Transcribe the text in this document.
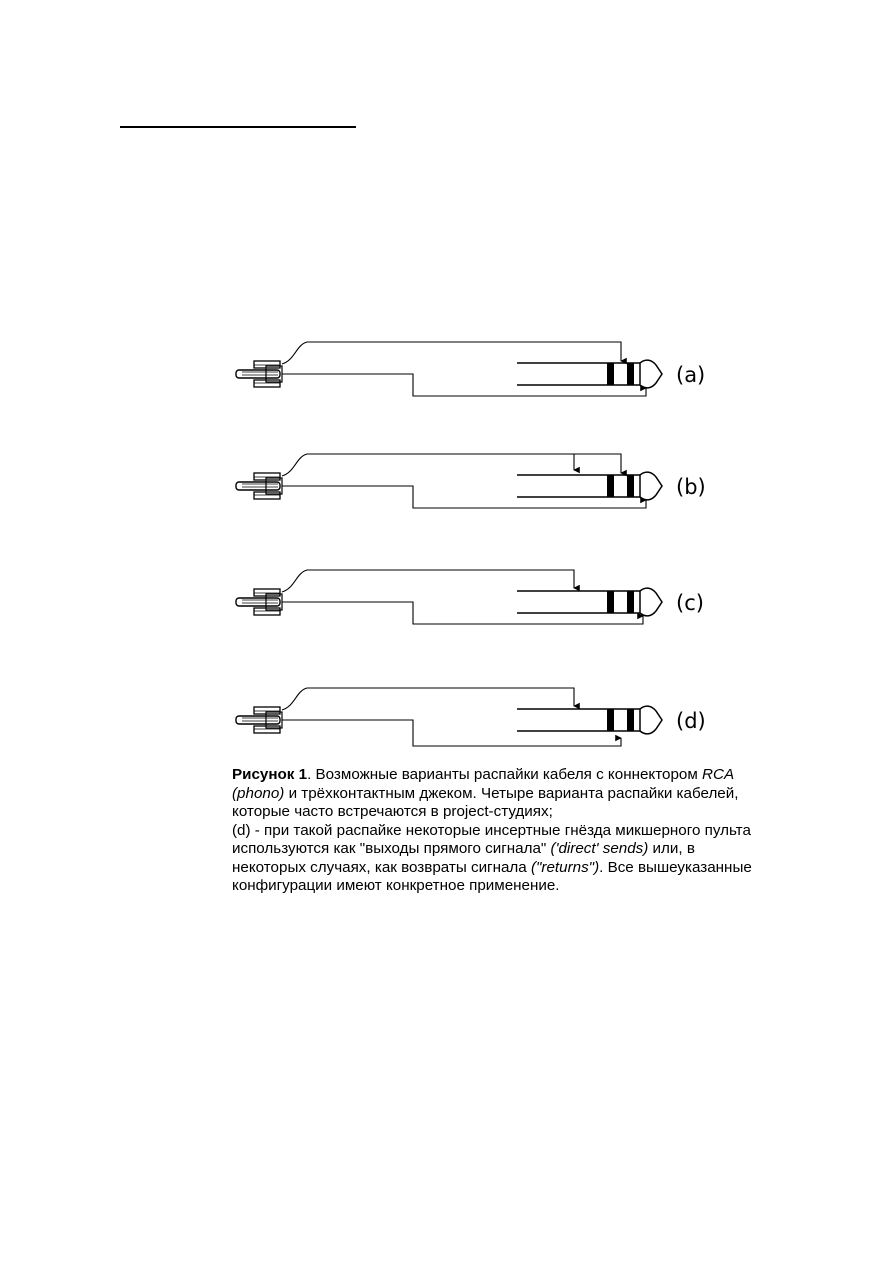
(a)
(b)
(c)
(d)

Рисунок 1. Возможные варианты распайки кабеля с коннектором RCA (phono) и трёхконтактным джеком. Четыре варианта распайки кабелей, которые часто встречаются в project-студиях;

(d) - при такой распайке некоторые инсертные гнёзда микшерного пульта используются как "выходы прямого сигнала" ('direct' sends) или, в некоторых случаях, как возвраты сигнала ("returns"). Все вышеуказанные конфигурации имеют конкретное применение.
